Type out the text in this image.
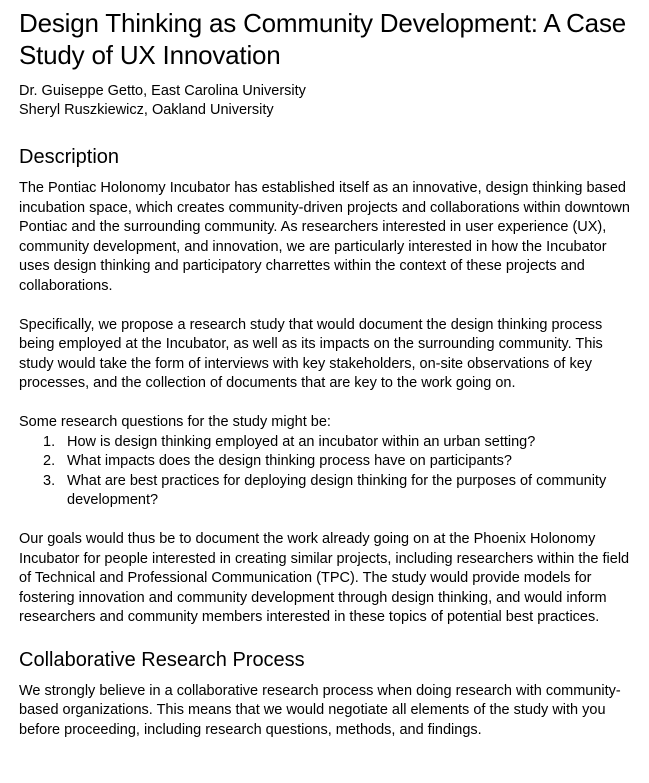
Design Thinking as Community Development: A Case Study of UX Innovation
Dr. Guiseppe Getto, East Carolina University
Sheryl Ruszkiewicz, Oakland University
Description

The Pontiac Holonomy Incubator has established itself as an innovative, design thinking based incubation space, which creates community-driven projects and collaborations within downtown Pontiac and the surrounding community. As researchers interested in user experience (UX), community development, and innovation, we are particularly interested in how the Incubator uses design thinking and participatory charrettes within the context of these projects and collaborations.

Specifically, we propose a research study that would document the design thinking process being employed at the Incubator, as well as its impacts on the surrounding community. This study would take the form of interviews with key stakeholders, on-site observations of key processes, and the collection of documents that are key to the work going on.

Some research questions for the study might be:

1. How is design thinking employed at an incubator within an urban setting?
2. What impacts does the design thinking process have on participants?
3. What are best practices for deploying design thinking for the purposes of community development?

Our goals would thus be to document the work already going on at the Phoenix Holonomy Incubator for people interested in creating similar projects, including researchers within the field of Technical and Professional Communication (TPC). The study would provide models for fostering innovation and community development through design thinking, and would inform researchers and community members interested in these topics of potential best practices.

Collaborative Research Process

We strongly believe in a collaborative research process when doing research with community-based organizations. This means that we would negotiate all elements of the study with you before proceeding, including research questions, methods, and findings.
